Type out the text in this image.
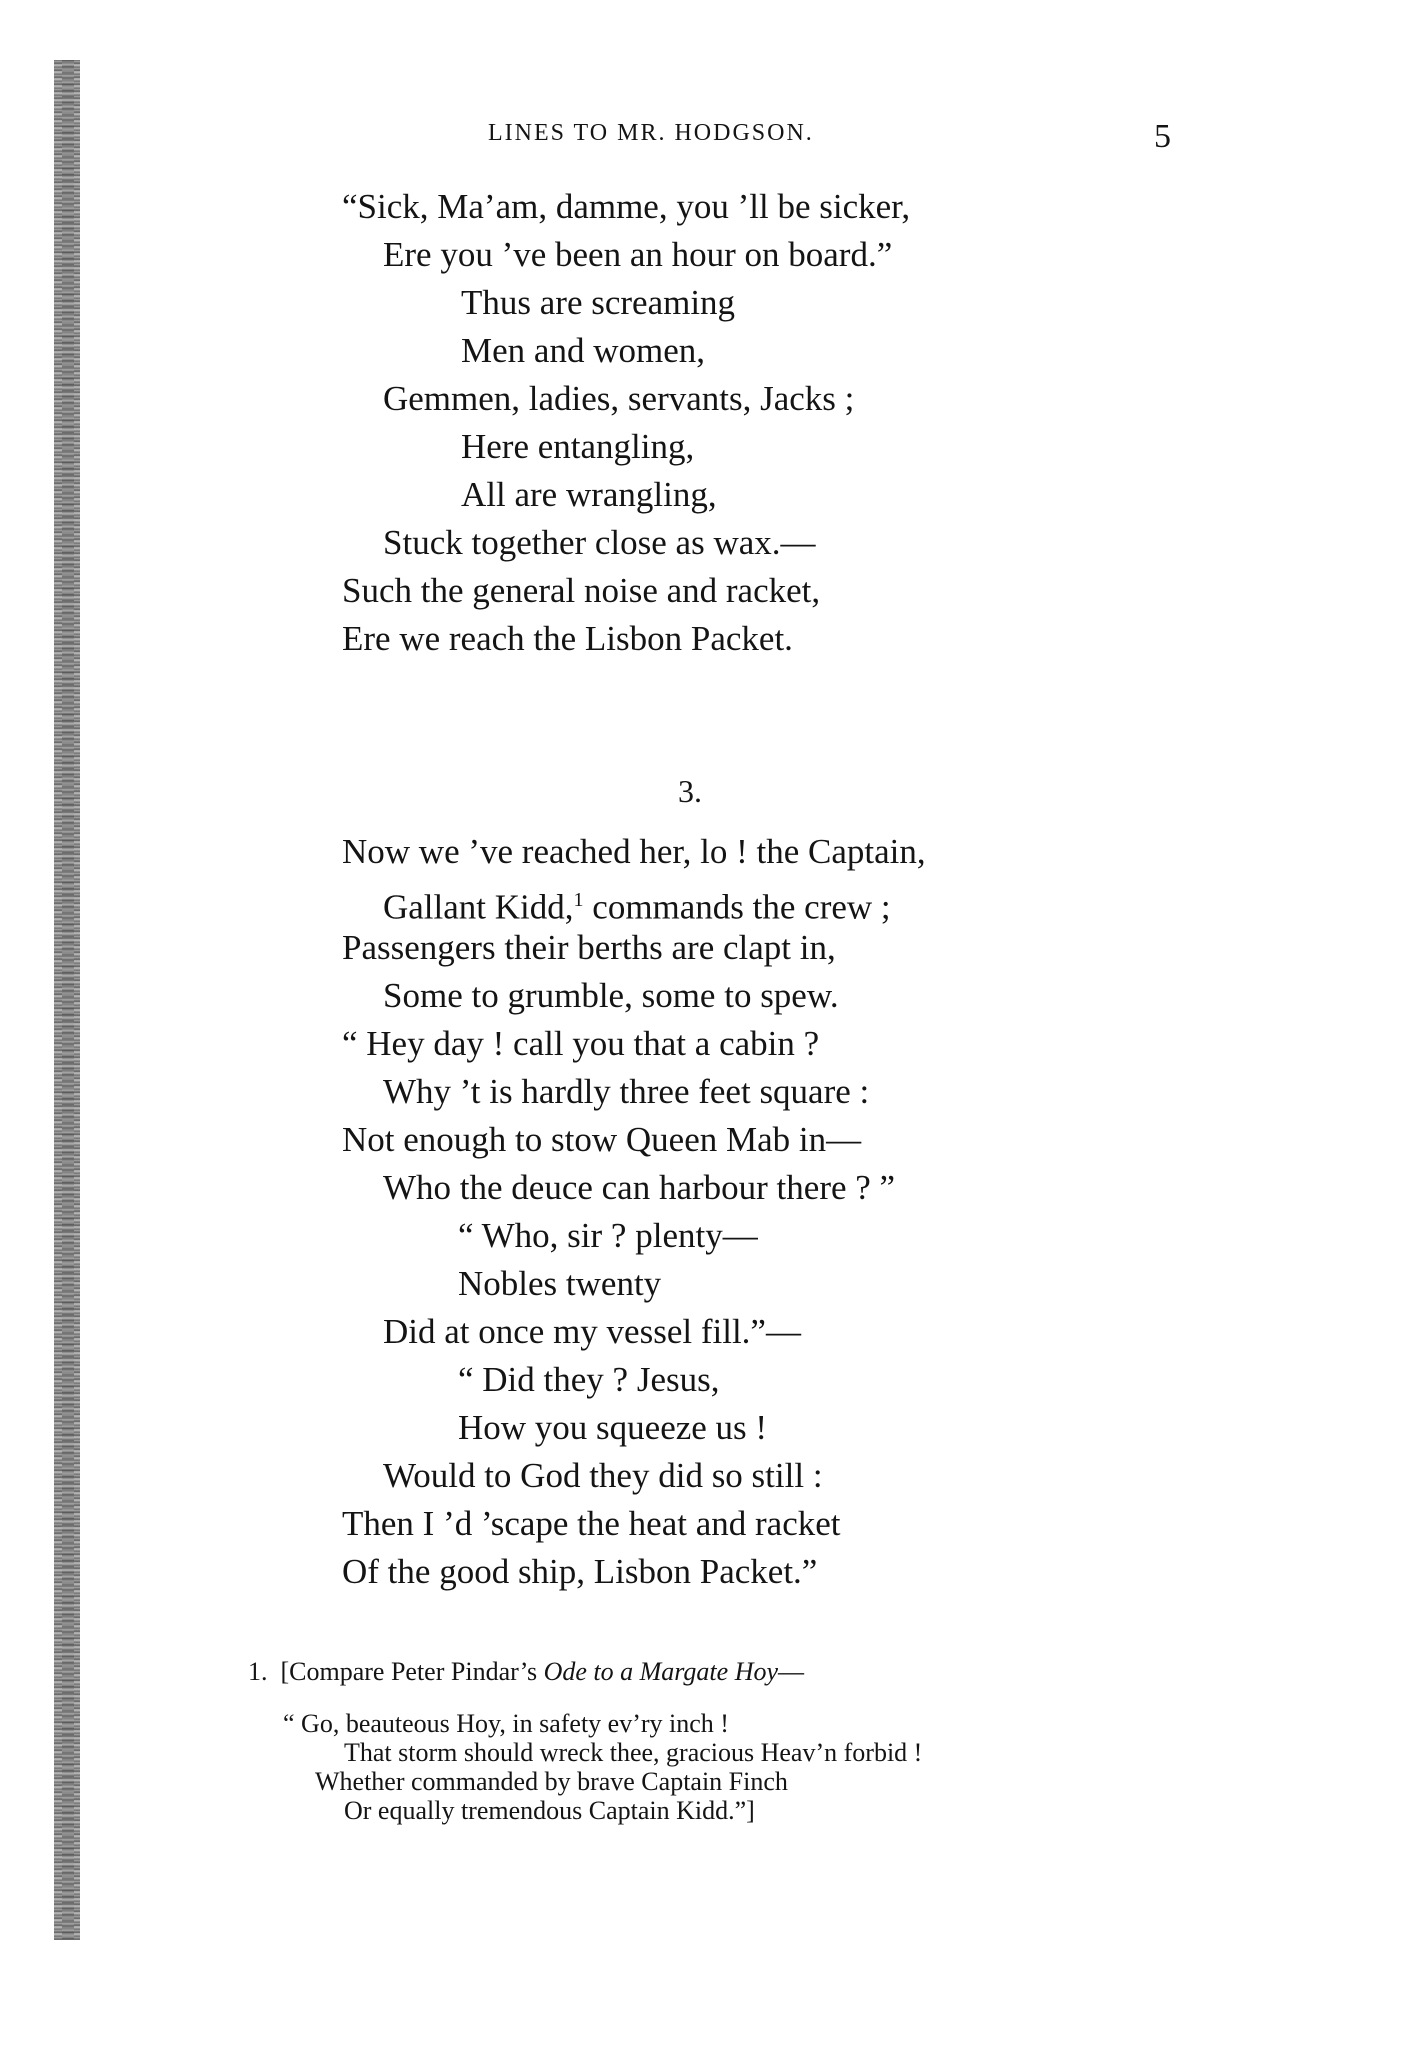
LINES TO MR. HODGSON.	5
“Sick, Ma’am, damme, you ’ll be sicker,
Ere you ’ve been an hour on board.”
Thus are screaming
Men and women,
Gemmen, ladies, servants, Jacks ;
Here entangling,
All are wrangling,
Stuck together close as wax.—
Such the general noise and racket,
Ere we reach the Lisbon Packet.
3.
Now we ’ve reached her, lo ! the Captain,
Gallant Kidd,$^1$ commands the crew ;
Passengers their berths are clapt in,
Some to grumble, some to spew.
“ Hey day ! call you that a cabin ?
Why ’t is hardly three feet square :
Not enough to stow Queen Mab in—
Who the deuce can harbour there ? ”
“ Who, sir ? plenty—
Nobles twenty
Did at once my vessel fill.”—
“ Did they ? Jesus,
How you squeeze us !
Would to God they did so still :
Then I ’d ’scape the heat and racket
Of the good ship, Lisbon Packet.”
1. [Compare Peter Pindar’s Ode to a Margate Hoy—
“ Go, beauteous Hoy, in safety ev’ry inch !
That storm should wreck thee, gracious Heav’n forbid !
Whether commanded by brave Captain Finch
Or equally tremendous Captain Kidd.”]
